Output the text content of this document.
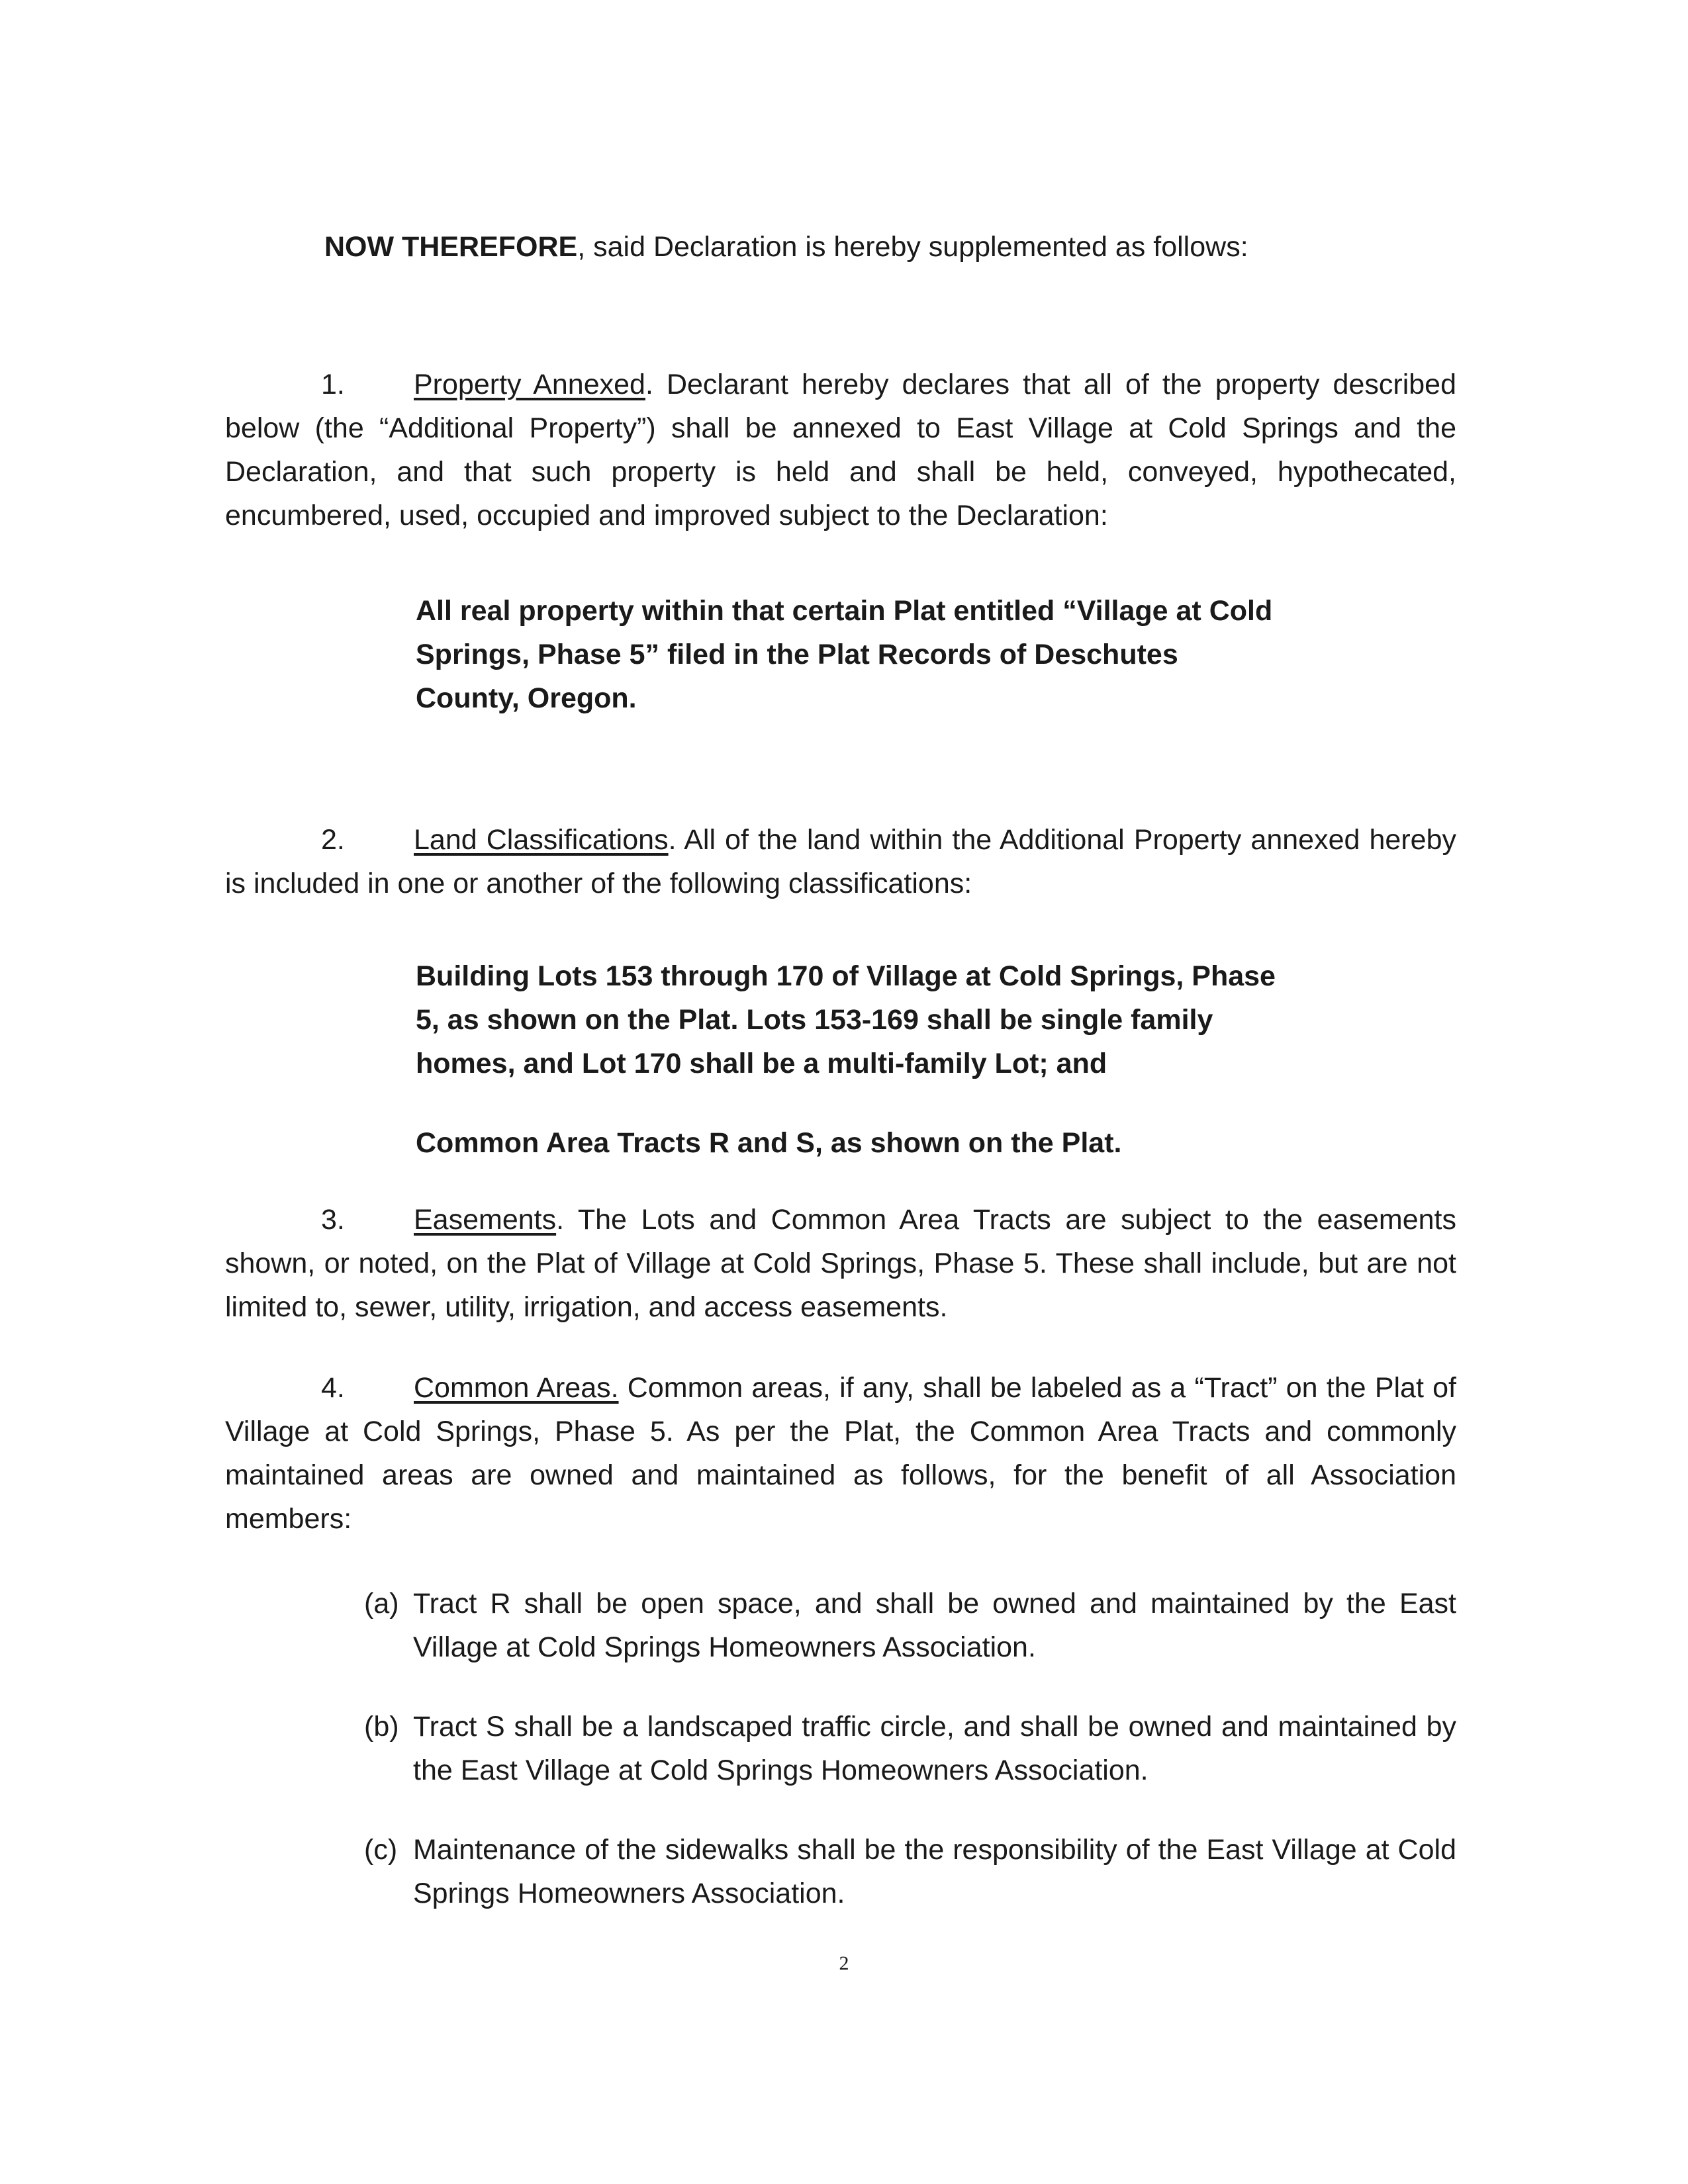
NOW THEREFORE, said Declaration is hereby supplemented as follows:
1. Property Annexed. Declarant hereby declares that all of the property described below (the “Additional Property”) shall be annexed to East Village at Cold Springs and the Declaration, and that such property is held and shall be held, conveyed, hypothecated, encumbered, used, occupied and improved subject to the Declaration:
All real property within that certain Plat entitled “Village at Cold Springs, Phase 5” filed in the Plat Records of Deschutes County, Oregon.
2. Land Classifications. All of the land within the Additional Property annexed hereby is included in one or another of the following classifications:
Building Lots 153 through 170 of Village at Cold Springs, Phase 5, as shown on the Plat. Lots 153-169 shall be single family homes, and Lot 170 shall be a multi-family Lot; and
Common Area Tracts R and S, as shown on the Plat.
3. Easements. The Lots and Common Area Tracts are subject to the easements shown, or noted, on the Plat of Village at Cold Springs, Phase 5. These shall include, but are not limited to, sewer, utility, irrigation, and access easements.
4. Common Areas. Common areas, if any, shall be labeled as a “Tract” on the Plat of Village at Cold Springs, Phase 5. As per the Plat, the Common Area Tracts and commonly maintained areas are owned and maintained as follows, for the benefit of all Association members:
(a) Tract R shall be open space, and shall be owned and maintained by the East Village at Cold Springs Homeowners Association.
(b) Tract S shall be a landscaped traffic circle, and shall be owned and maintained by the East Village at Cold Springs Homeowners Association.
(c) Maintenance of the sidewalks shall be the responsibility of the East Village at Cold Springs Homeowners Association.
2
